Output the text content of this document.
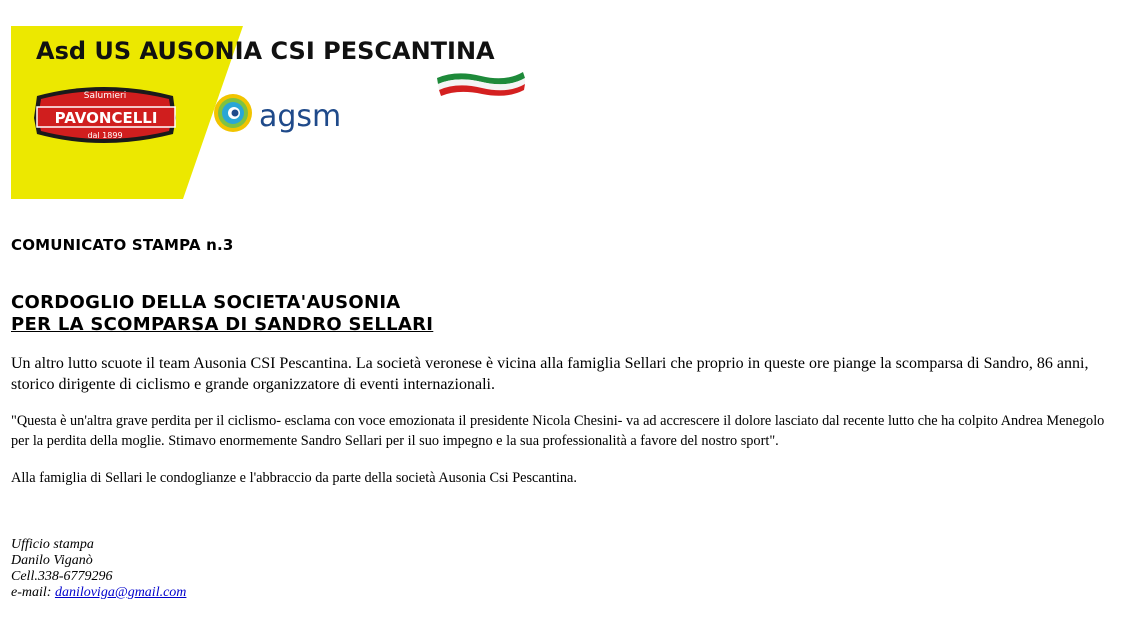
Asd US AUSONIA CSI PESCANTINA
Salumieri
PAVONCELLI
dal 1899
agsm
COMUNICATO STAMPA n.3
CORDOGLIO DELLA SOCIETA'AUSONIA
PER LA SCOMPARSA DI SANDRO SELLARI
Un altro lutto scuote il team Ausonia CSI Pescantina. La società veronese è vicina alla famiglia Sellari che proprio in queste ore piange la scomparsa di Sandro, 86 anni, storico dirigente di ciclismo e grande organizzatore di eventi internazionali.
"Questa è un'altra grave perdita per il ciclismo- esclama con voce emozionata il presidente Nicola Chesini- va ad accrescere il dolore lasciato dal recente lutto che ha colpito Andrea Menegolo per la perdita della moglie. Stimavo enormemente Sandro Sellari per il suo impegno e la sua professionalità a favore del nostro sport".
Alla famiglia di Sellari le condoglianze e l'abbraccio da parte della società Ausonia Csi Pescantina.
Ufficio stampa
Danilo Viganò
Cell.338-6779296
e-mail: daniloviga@gmail.com
